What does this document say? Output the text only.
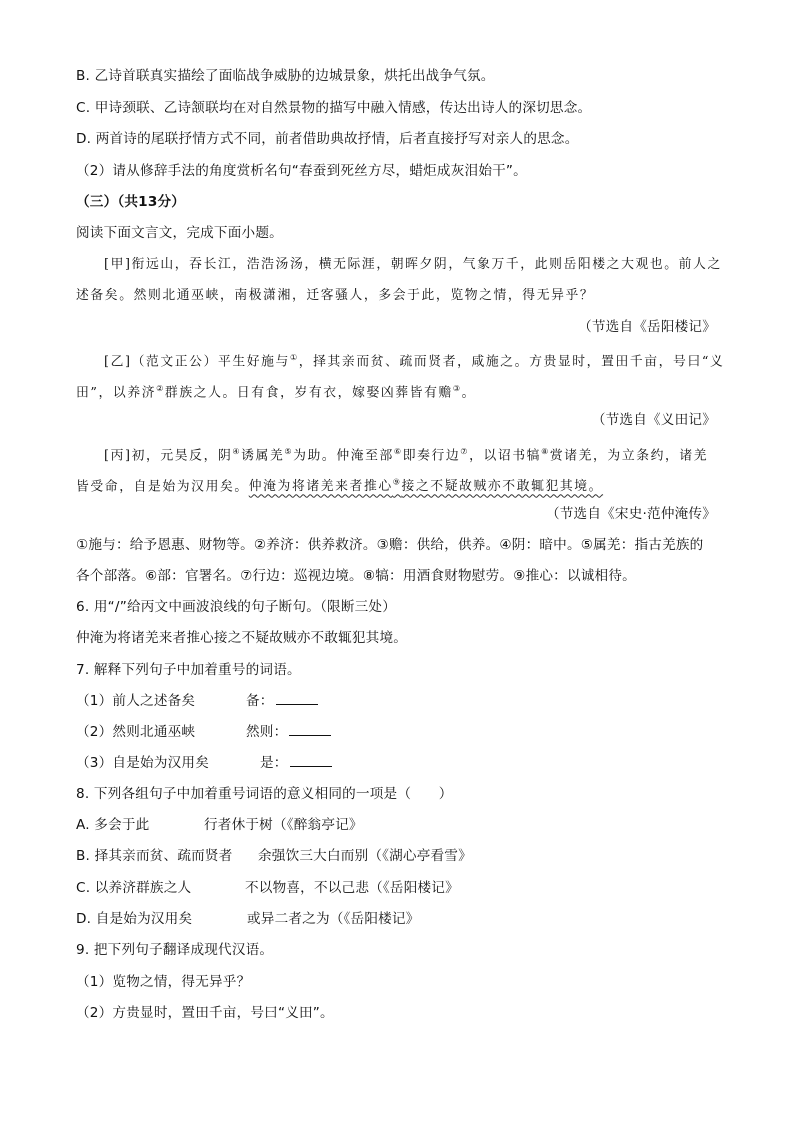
B. 乙诗首联真实描绘了面临战争威胁的边城景象，烘托出战争气氛。
C. 甲诗颈联、乙诗颔联均在对自然景物的描写中融入情感，传达出诗人的深切思念。
D. 两首诗的尾联抒情方式不同，前者借助典故抒情，后者直接抒写对亲人的思念。
（2）请从修辞手法的角度赏析名句“春蚕到死丝方尽，蜡炬成灰泪始干”。
（三）（共13分）
阅读下面文言文，完成下面小题。
[甲]衔远山，吞长江，浩浩汤汤，横无际涯，朝晖夕阴，气象万千，此则岳阳楼之大观也。前人之
述备矣。然则北通巫峡，南极潇湘，迁客骚人，多会于此，览物之情，得无异乎？
（节选自《岳阳楼记》
[乙]（范文正公）平生好施与①，择其亲而贫、疏而贤者，咸施之。方贵显时，置田千亩，号曰“义
田”，以养济②群族之人。日有食，岁有衣，嫁娶凶葬皆有赡③。
（节选自《义田记》
[丙]初，元昊反，阴④诱属羌⑤为助。仲淹至部⑥即奏行边⑦，以诏书犒⑧赏诸羌，为立条约，诸羌
皆受命，自是始为汉用矣。仲淹为将诸羌来者推心⑨接之不疑故贼亦不敢辄犯其境。
（节选自《宋史·范仲淹传》
①施与：给予恩惠、财物等。②养济：供养救济。③赡：供给，供养。④阴：暗中。⑤属羌：指古羌族的
各个部落。⑥部：官署名。⑦行边：巡视边境。⑧犒：用酒食财物慰劳。⑨推心：以诚相待。
6. 用“/”给丙文中画波浪线的句子断句。（限断三处）
仲淹为将诸羌来者推心接之不疑故贼亦不敢辄犯其境。
7. 解释下列句子中加着重号的词语。
（1）前人之述备矣	备：
（2）然则北通巫峡	然则：
（3）自是始为汉用矣	是：
8. 下列各组句子中加着重号词语的意义相同的一项是（　　）
A. 多会于此	行者休于树（《醉翁亭记》
B. 择其亲而贫、疏而贤者 余强饮三大白而别（《湖心亭看雪》
C. 以养济群族之人	不以物喜，不以己悲（《岳阳楼记》
D. 自是始为汉用矣	或异二者之为（《岳阳楼记》
9. 把下列句子翻译成现代汉语。
（1）览物之情，得无异乎？
（2）方贵显时，置田千亩，号曰“义田”。
